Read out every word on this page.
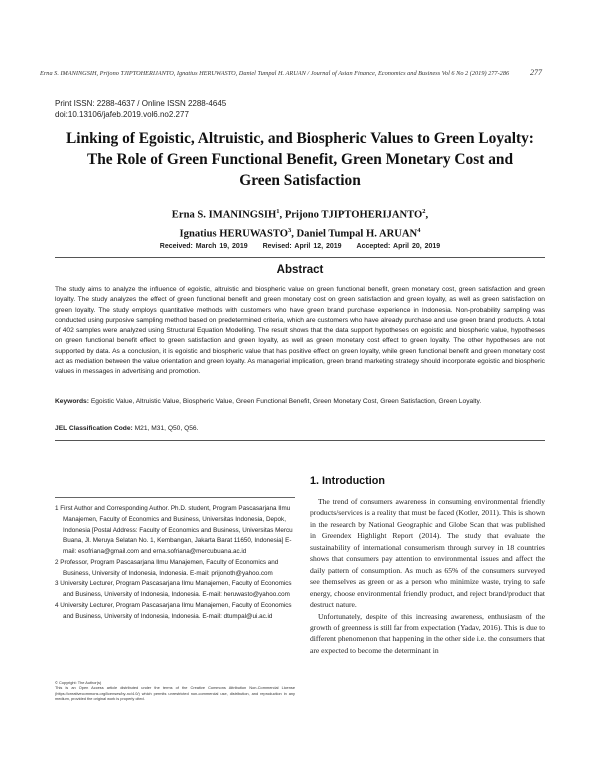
Erna S. IMANINGSIH, Prijono TJIPTOHERIJANTO, Ignatius HERUWASTO, Daniel Tumpal H. ARUAN / Journal of Asian Finance, Economics and Business Vol 6 No 2 (2019) 277-286	277
Print ISSN: 2288-4637 / Online ISSN 2288-4645
doi:10.13106/jafeb.2019.vol6.no2.277
Linking of Egoistic, Altruistic, and Biospheric Values to Green Loyalty:
The Role of Green Functional Benefit, Green Monetary Cost and
Green Satisfaction
Erna S. IMANINGSIH$^1$, Prijono TJIPTOHERIJANTO$^2$,
Ignatius HERUWASTO$^3$, Daniel Tumpal H. ARUAN$^4$
Received: March 19, 2019 Revised: April 12, 2019 Accepted: April 20, 2019
Abstract
The study aims to analyze the influence of egoistic, altruistic and biospheric value on green functional benefit, green monetary cost, green satisfaction and green loyalty. The study analyzes the effect of green functional benefit and green monetary cost on green satisfaction and green loyalty, as well as green satisfaction on green loyalty. The study employs quantitative methods with customers who have green brand purchase experience in Indonesia. Non-probability sampling was conducted using purposive sampling method based on predetermined criteria, which are customers who have already purchase and use green brand products. A total of 402 samples were analyzed using Structural Equation Modelling. The result shows that the data support hypotheses on egoistic and biospheric value, hypotheses on green functional benefit effect to green satisfaction and green loyalty, as well as green monetary cost effect to green loyalty. The other hypotheses are not supported by data. As a conclusion, it is egoistic and biospheric value that has positive effect on green loyalty, while green functional benefit and green monetary cost act as mediation between the value orientation and green loyalty. As managerial implication, green brand marketing strategy should incorporate egoistic and biospheric values in messages in advertising and promotion.
Keywords: Egoistic Value, Altruistic Value, Biospheric Value, Green Functional Benefit, Green Monetary Cost, Green Satisfaction, Green Loyalty.
JEL Classification Code: M21, M31, Q50, Q56.
1. Introduction

The trend of consumers awareness in consuming environmental friendly products/services is a reality that must be faced (Kotler, 2011). This is shown in the research by National Geographic and Globe Scan that was published in Greendex Highlight Report (2014). The study that evaluate the sustainability of international consumerism through survey in 18 countries shows that consumers pay attention to environmental issues and affect the daily pattern of consumption. As much as 65% of the consumers surveyed see themselves as green or as a person who minimize waste, trying to safe energy, choose environmental friendly product, and reject brand/product that destruct nature.

Unfortunately, despite of this increasing awareness, enthusiasm of the growth of greenness is still far from expectation (Yadav, 2016). This is due to different phenomenon that happening in the other side i.e. the consumers that are expected to become the determinant in

1 First Author and Corresponding Author. Ph.D. student, Program Pascasarjana Ilmu Manajemen, Faculty of Economics and Business, Universitas Indonesia, Depok, Indonesia [Postal Address: Faculty of Economics and Business, Universitas Mercu Buana, Jl. Meruya Selatan No. 1, Kembangan, Jakarta Barat 11650, Indonesia] E-mail: esofriana@gmail.com and erna.sofriana@mercubuana.ac.id
2 Professor, Program Pascasarjana Ilmu Manajemen, Faculty of Economics and Business, University of Indonesia, Indonesia. E-mail: prijonoth@yahoo.com
3 University Lecturer, Program Pascasarjana Ilmu Manajemen, Faculty of Economics and Business, University of Indonesia, Indonesia. E-mail: heruwasto@yahoo.com
4 University Lecturer, Program Pascasarjana Ilmu Manajemen, Faculty of Economics and Business, University of Indonesia, Indonesia. E-mail: dtumpal@ui.ac.id
© Copyright: The Author(s)
This is an Open Access article distributed under the terms of the Creative Commons Attribution Non-Commercial License (https://creativecommons.org/licenses/by-nc/4.0/) which permits unrestricted non-commercial use, distribution, and reproduction in any medium, provided the original work is properly cited.
